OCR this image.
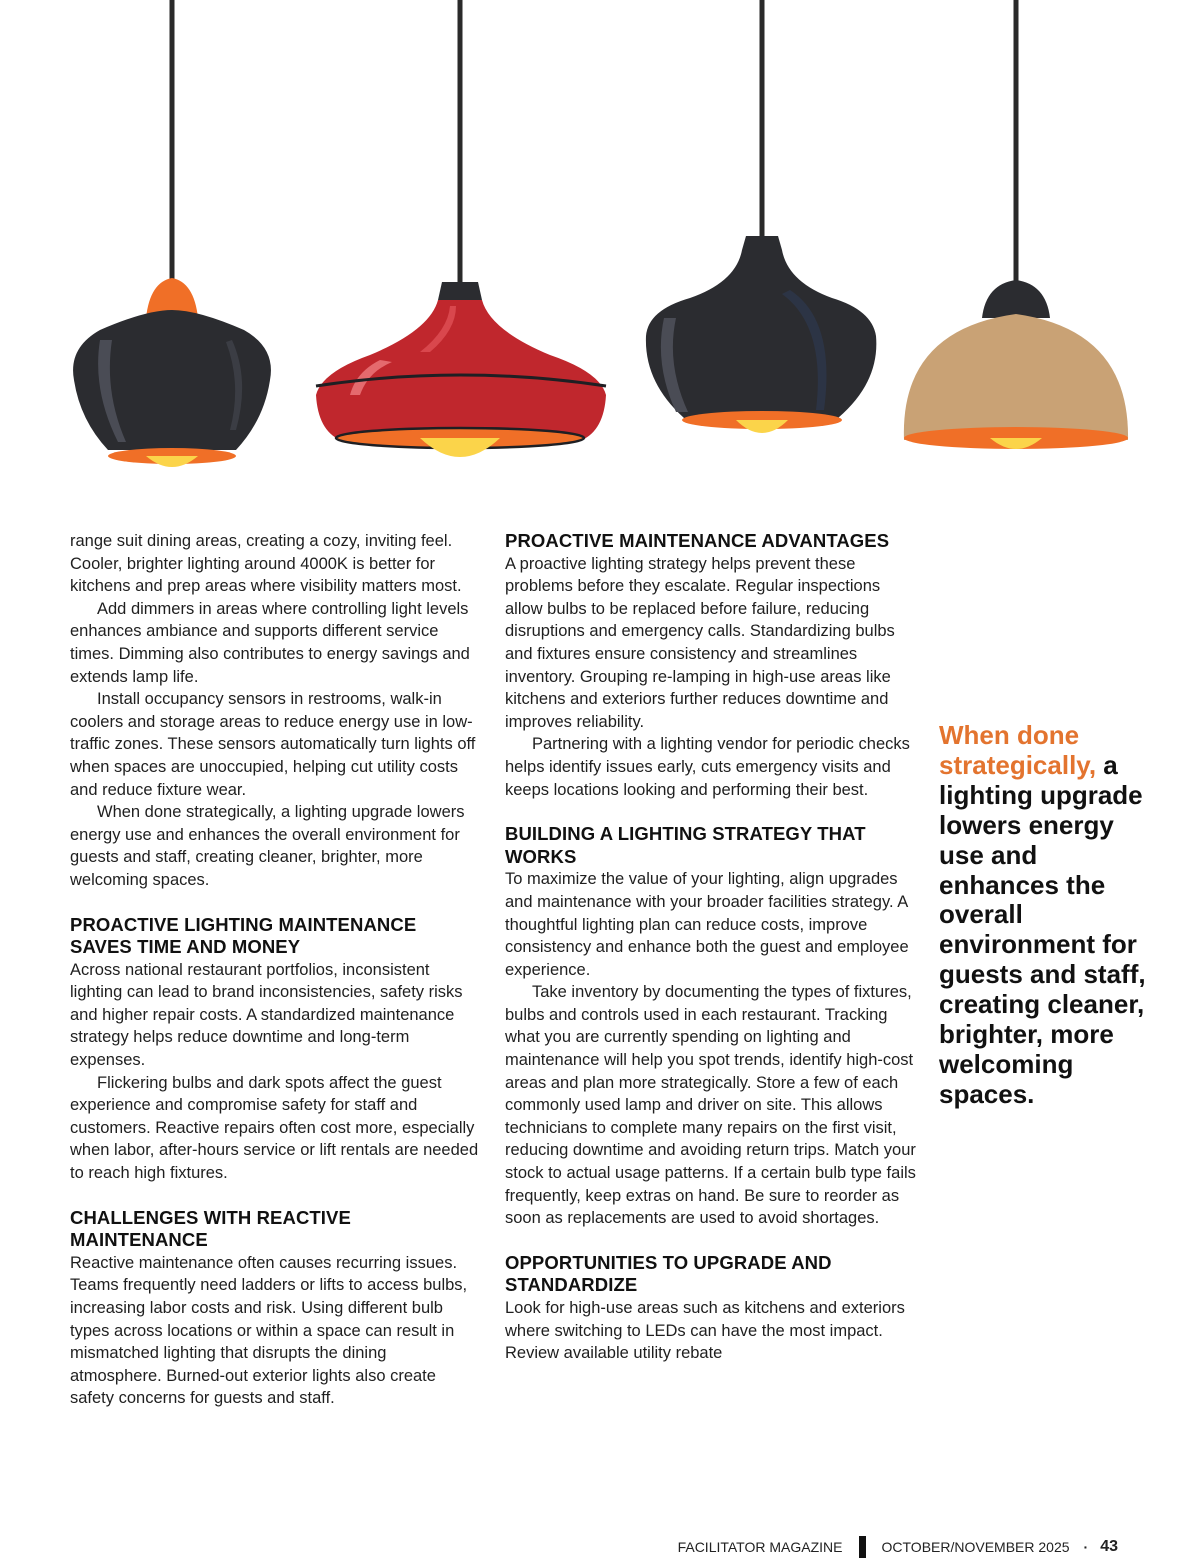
range suit dining areas, creating a cozy, inviting feel. Cooler, brighter lighting around 4000K is better for kitchens and prep areas where visibility matters most.

Add dimmers in areas where controlling light levels enhances ambiance and supports different service times. Dimming also contributes to energy savings and extends lamp life.

Install occupancy sensors in restrooms, walk-in coolers and storage areas to reduce energy use in low-traffic zones. These sensors automatically turn lights off when spaces are unoccupied, helping cut utility costs and reduce fixture wear.

When done strategically, a lighting upgrade lowers energy use and enhances the overall environment for guests and staff, creating cleaner, brighter, more welcoming spaces.

PROACTIVE LIGHTING MAINTENANCE SAVES TIME AND MONEY

Across national restaurant portfolios, inconsistent lighting can lead to brand inconsistencies, safety risks and higher repair costs. A standardized maintenance strategy helps reduce downtime and long-term expenses.

Flickering bulbs and dark spots affect the guest experience and compromise safety for staff and customers. Reactive repairs often cost more, especially when labor, after-hours service or lift rentals are needed to reach high fixtures.

CHALLENGES WITH REACTIVE MAINTENANCE

Reactive maintenance often causes recurring issues. Teams frequently need ladders or lifts to access bulbs, increasing labor costs and risk. Using different bulb types across locations or within a space can result in mismatched lighting that disrupts the dining atmosphere. Burned-out exterior lights also create safety concerns for guests and staff.

PROACTIVE MAINTENANCE ADVANTAGES

A proactive lighting strategy helps prevent these problems before they escalate. Regular inspections allow bulbs to be replaced before failure, reducing disruptions and emergency calls. Standardizing bulbs and fixtures ensure consistency and streamlines inventory. Grouping re-lamping in high-use areas like kitchens and exteriors further reduces downtime and improves reliability.

Partnering with a lighting vendor for periodic checks helps identify issues early, cuts emergency visits and keeps locations looking and performing their best.

BUILDING A LIGHTING STRATEGY THAT WORKS

To maximize the value of your lighting, align upgrades and maintenance with your broader facilities strategy. A thoughtful lighting plan can reduce costs, improve consistency and enhance both the guest and employee experience.

Take inventory by documenting the types of fixtures, bulbs and controls used in each restaurant. Tracking what you are currently spending on lighting and maintenance will help you spot trends, identify high-cost areas and plan more strategically. Store a few of each commonly used lamp and driver on site. This allows technicians to complete many repairs on the first visit, reducing downtime and avoiding return trips. Match your stock to actual usage patterns. If a certain bulb type fails frequently, keep extras on hand. Be sure to reorder as soon as replacements are used to avoid shortages.

OPPORTUNITIES TO UPGRADE AND STANDARDIZE

Look for high-use areas such as kitchens and exteriors where switching to LEDs can have the most impact. Review available utility rebate

When done strategically, a lighting upgrade lowers energy use and enhances the overall environment for guests and staff, creating cleaner, brighter, more welcoming spaces.
FACILITATOR MAGAZINE	OCTOBER/NOVEMBER 2025 · 43
